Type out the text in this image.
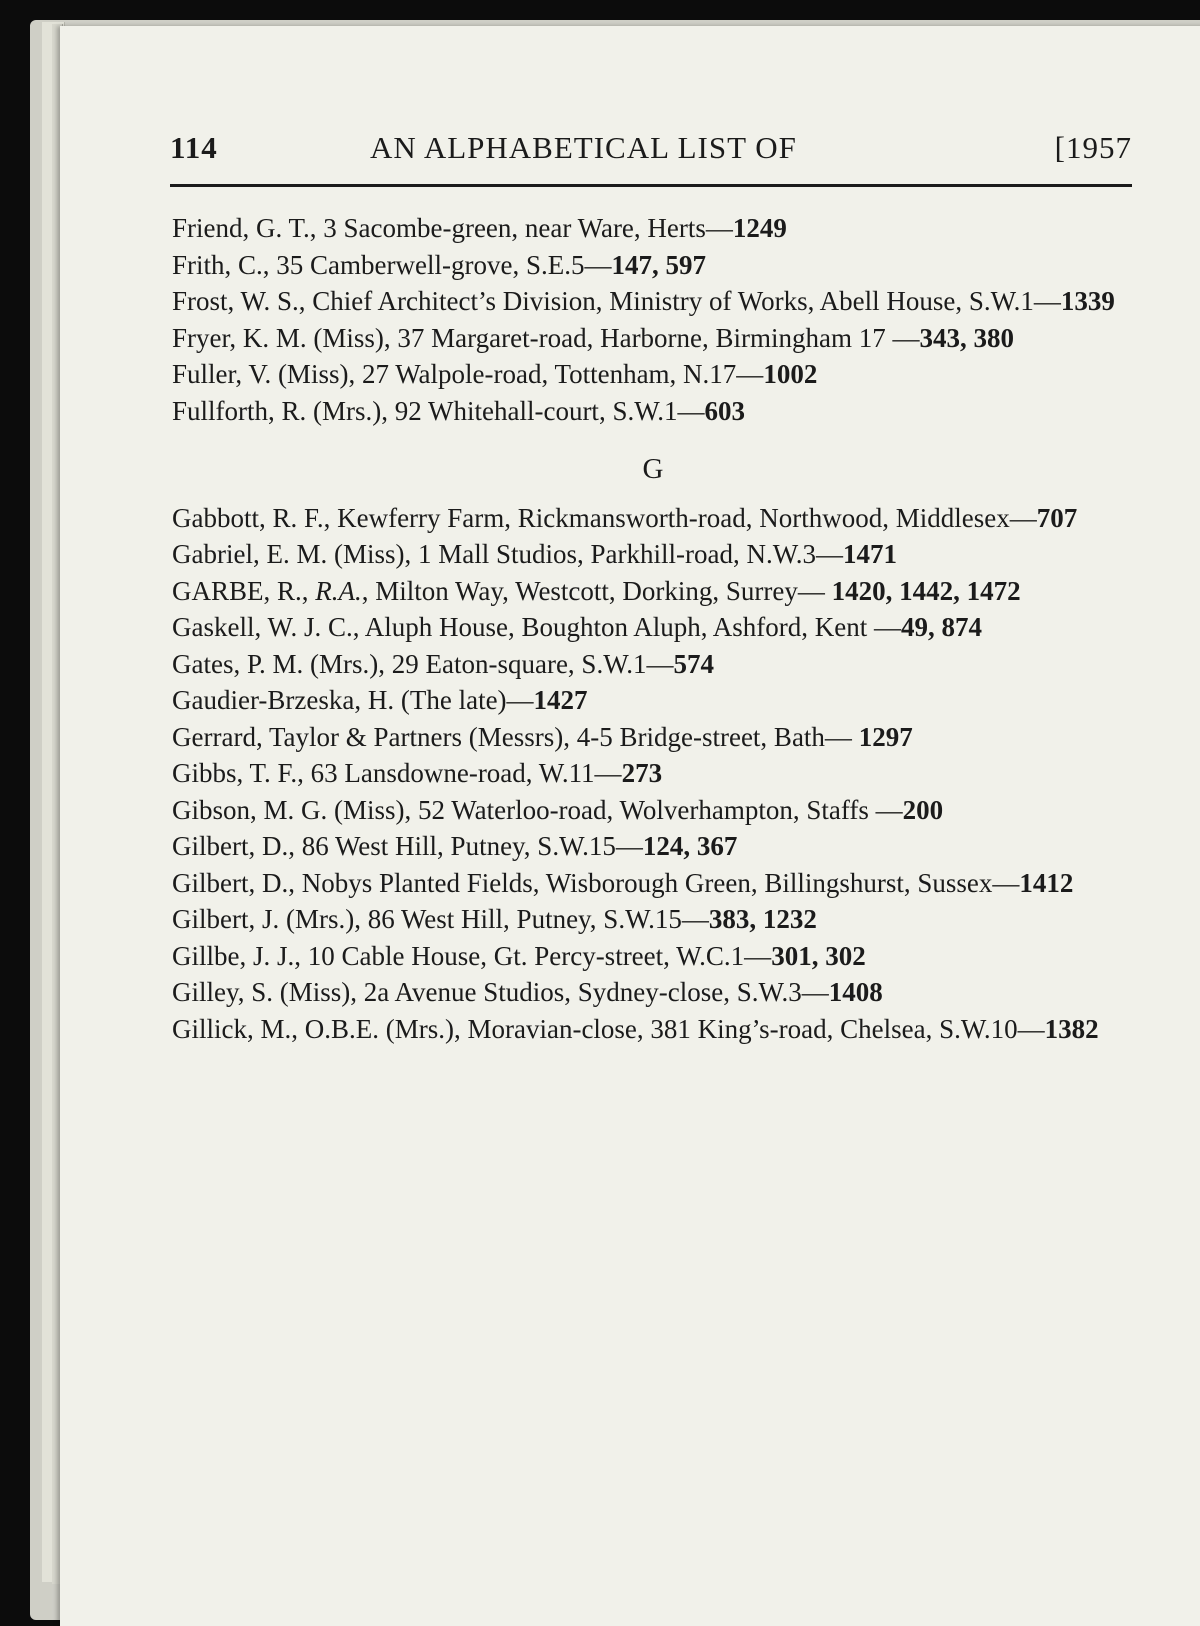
114	AN ALPHABETICAL LIST OF	[1957

Friend, G. T., 3 Sacombe-green, near Ware, Herts—1249

Frith, C., 35 Camberwell-grove, S.E.5—147, 597

Frost, W. S., Chief Architect’s Division, Ministry of Works, Abell House, S.W.1—1339

Fryer, K. M. (Miss), 37 Margaret-road, Harborne, Birmingham 17 —343, 380

Fuller, V. (Miss), 27 Walpole-road, Tottenham, N.17—1002

Fullforth, R. (Mrs.), 92 Whitehall-court, S.W.1—603

G

Gabbott, R. F., Kewferry Farm, Rickmansworth-road, Northwood, Middlesex—707

Gabriel, E. M. (Miss), 1 Mall Studios, Parkhill-road, N.W.3—1471

GARBE, R., R.A., Milton Way, Westcott, Dorking, Surrey— 1420, 1442, 1472

Gaskell, W. J. C., Aluph House, Boughton Aluph, Ashford, Kent —49, 874

Gates, P. M. (Mrs.), 29 Eaton-square, S.W.1—574

Gaudier-Brzeska, H. (The late)—1427

Gerrard, Taylor & Partners (Messrs), 4-5 Bridge-street, Bath— 1297

Gibbs, T. F., 63 Lansdowne-road, W.11—273

Gibson, M. G. (Miss), 52 Waterloo-road, Wolverhampton, Staffs —200

Gilbert, D., 86 West Hill, Putney, S.W.15—124, 367

Gilbert, D., Nobys Planted Fields, Wisborough Green, Billingshurst, Sussex—1412

Gilbert, J. (Mrs.), 86 West Hill, Putney, S.W.15—383, 1232

Gillbe, J. J., 10 Cable House, Gt. Percy-street, W.C.1—301, 302

Gilley, S. (Miss), 2a Avenue Studios, Sydney-close, S.W.3—1408

Gillick, M., O.B.E. (Mrs.), Moravian-close, 381 King’s-road, Chelsea, S.W.10—1382
